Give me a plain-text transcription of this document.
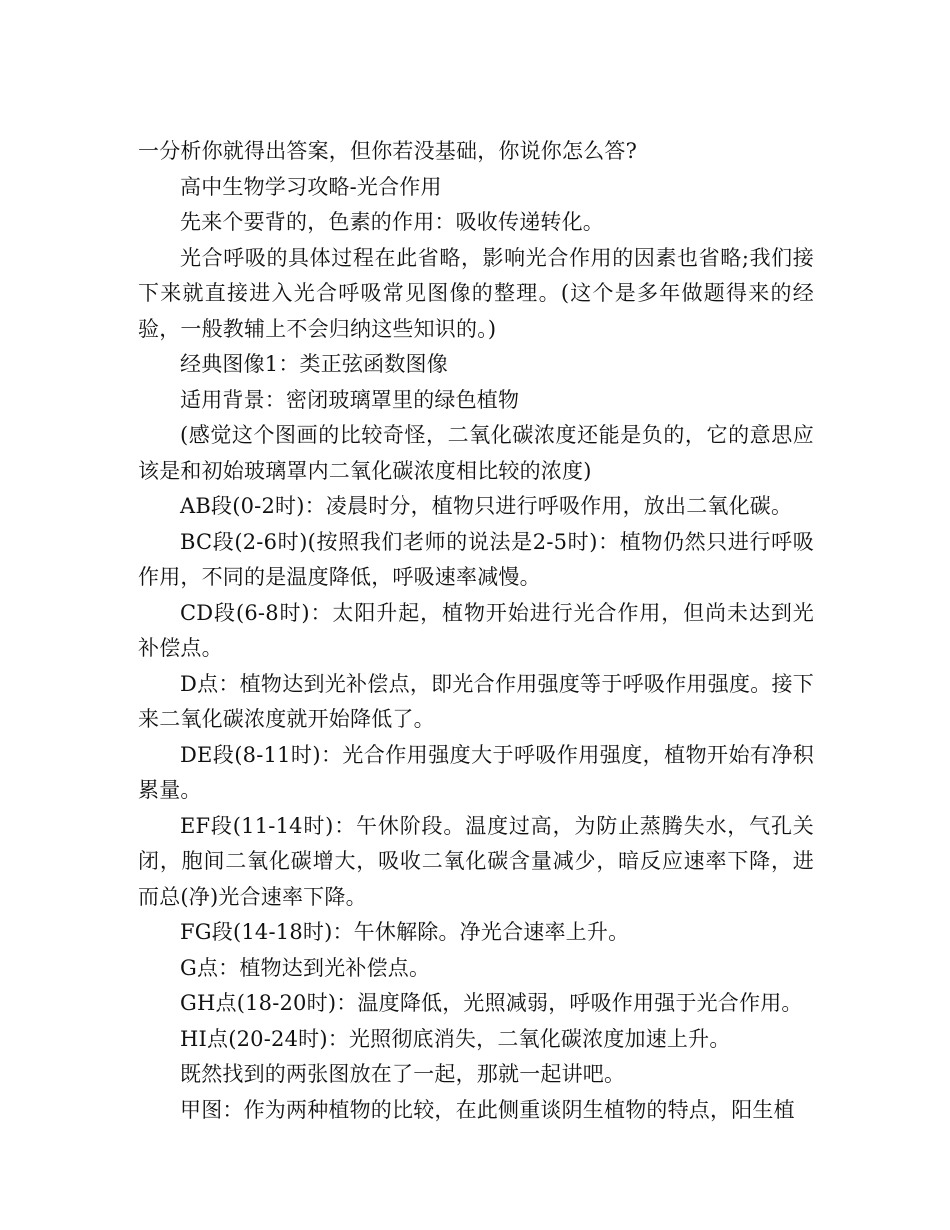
一分析你就得出答案，但你若没基础，你说你怎么答?

高中生物学习攻略-光合作用

先来个要背的，色素的作用：吸收传递转化。

光合呼吸的具体过程在此省略，影响光合作用的因素也省略;我们接下来就直接进入光合呼吸常见图像的整理。(这个是多年做题得来的经验，一般教辅上不会归纳这些知识的。)

经典图像1：类正弦函数图像

适用背景：密闭玻璃罩里的绿色植物

(感觉这个图画的比较奇怪，二氧化碳浓度还能是负的，它的意思应该是和初始玻璃罩内二氧化碳浓度相比较的浓度)

AB段(0-2时)：凌晨时分，植物只进行呼吸作用，放出二氧化碳。

BC段(2-6时)(按照我们老师的说法是2-5时)：植物仍然只进行呼吸作用，不同的是温度降低，呼吸速率减慢。

CD段(6-8时)：太阳升起，植物开始进行光合作用，但尚未达到光补偿点。

D点：植物达到光补偿点，即光合作用强度等于呼吸作用强度。接下来二氧化碳浓度就开始降低了。

DE段(8-11时)：光合作用强度大于呼吸作用强度，植物开始有净积累量。

EF段(11-14时)：午休阶段。温度过高，为防止蒸腾失水，气孔关闭，胞间二氧化碳增大，吸收二氧化碳含量减少，暗反应速率下降，进而总(净)光合速率下降。

FG段(14-18时)：午休解除。净光合速率上升。

G点：植物达到光补偿点。

GH点(18-20时)：温度降低，光照减弱，呼吸作用强于光合作用。

HI点(20-24时)：光照彻底消失，二氧化碳浓度加速上升。

既然找到的两张图放在了一起，那就一起讲吧。

甲图：作为两种植物的比较，在此侧重谈阴生植物的特点，阳生植
